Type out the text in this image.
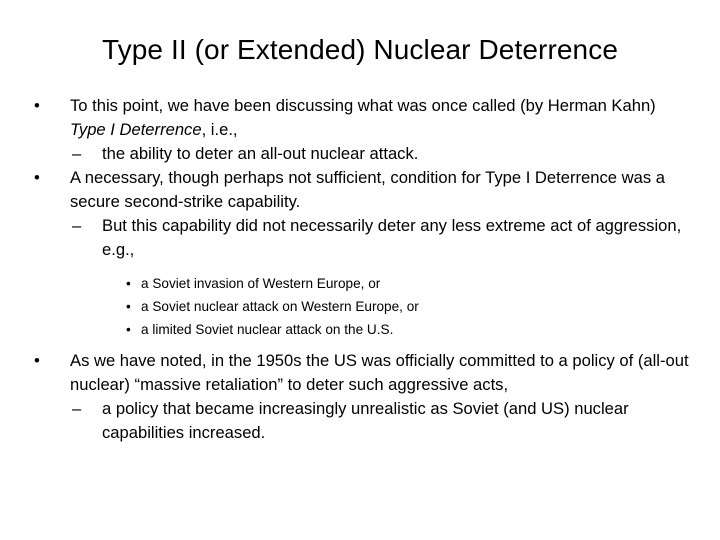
Type II (or Extended) Nuclear Deterrence
• To this point, we have been discussing what was once called (by Herman Kahn) Type I Deterrence, i.e.,
– the ability to deter an all-out nuclear attack.
• A necessary, though perhaps not sufficient, condition for Type I Deterrence was a secure second-strike capability.
– But this capability did not necessarily deter any less extreme act of aggression, e.g.,
• a Soviet invasion of Western Europe, or
• a Soviet nuclear attack on Western Europe, or
• a limited Soviet nuclear attack on the U.S.
• As we have noted, in the 1950s the US was officially committed to a policy of (all-out nuclear) “massive retaliation” to deter such aggressive acts,
– a policy that became increasingly unrealistic as Soviet (and US) nuclear capabilities increased.
